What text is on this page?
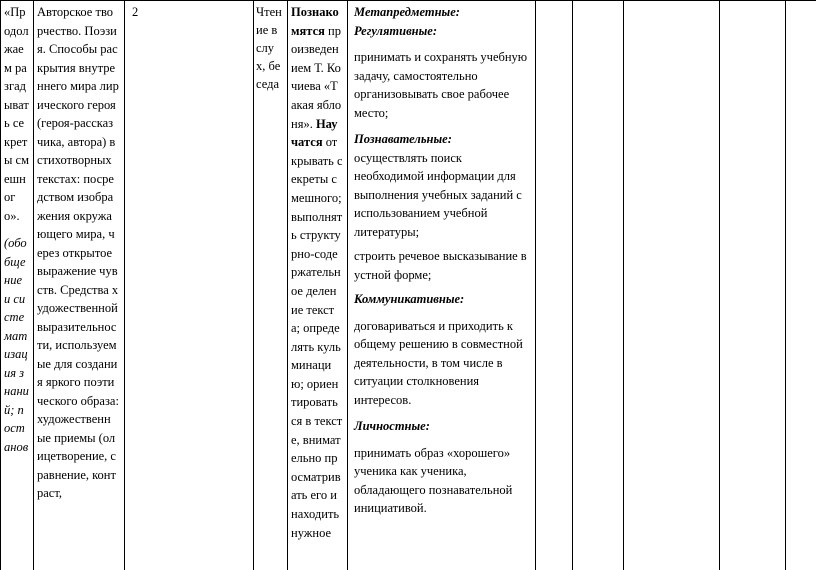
«Продолжаем разгадывать секреты смешного».
(обобщение и систематизация знаний; постанов
Авторское творчество. Поэзия. Способы раскрытия внутреннего мира лирического героя (героя-рассказчика, автора) в стихотворных текстах: посредством изображения окружающего мира, через открытое выражение чувств. Средства художественной выразительности, используемые для создания яркого поэтического образа: художественные приемы (олицетворение, сравнение, контраст,
2	Чтение вслух, беседа
Познакомятся произведением Т. Кочиева «Такая яблоня». Научатся открывать секреты смешного; выполнять структурно-содержательное деление текста; определять кульминацию; ориентироваться в тексте, внимательно просматривать его и находить нужное

Метапредметные:

Регулятивные:

принимать и сохранять учебную задачу, самостоятельно организовывать свое рабочее место;

Познавательные:

осуществлять поиск необходимой информации для выполнения учебных заданий с использованием учебной литературы;

строить речевое высказывание в устной форме;

Коммуникативные:

договариваться и приходить к общему решению в совместной деятельности, в том числе в ситуации столкновения интересов.

Личностные:

принимать образ «хорошего» ученика как ученика, обладающего познавательной инициативой.
